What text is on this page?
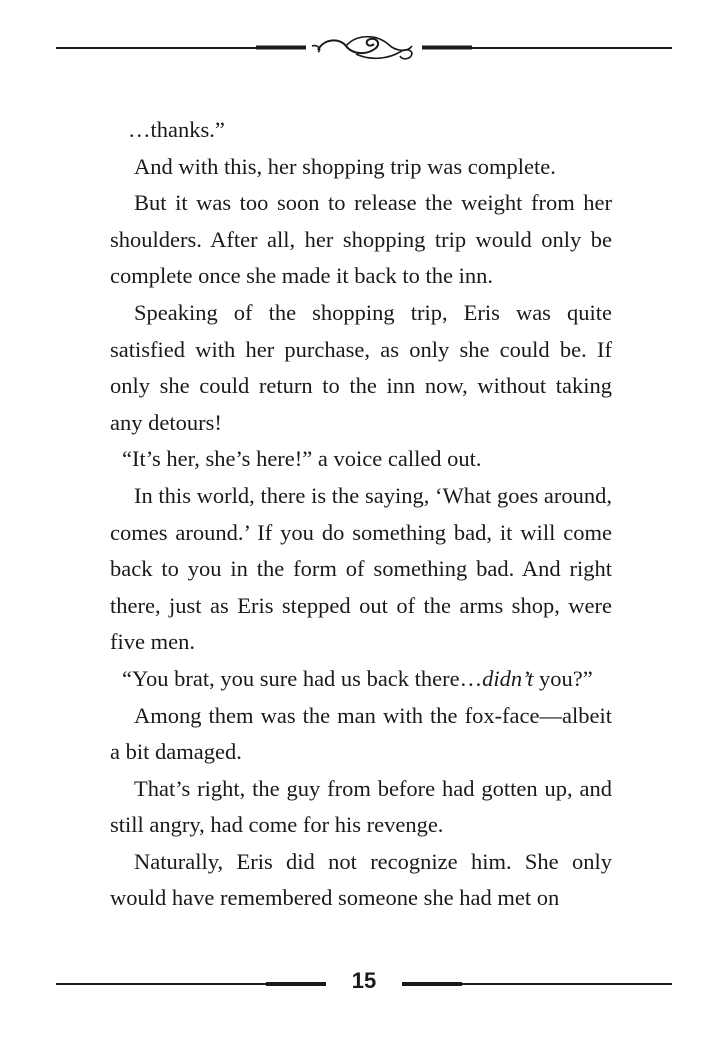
…thanks.”

And with this, her shopping trip was complete.

But it was too soon to release the weight from her shoulders. After all, her shopping trip would only be complete once she made it back to the inn.

Speaking of the shopping trip, Eris was quite satisfied with her purchase, as only she could be. If only she could return to the inn now, without taking any detours!

“It’s her, she’s here!” a voice called out.

In this world, there is the saying, ‘What goes around, comes around.’ If you do something bad, it will come back to you in the form of something bad. And right there, just as Eris stepped out of the arms shop, were five men.

“You brat, you sure had us back there…didn’t you?”

Among them was the man with the fox-face—albeit a bit damaged.

That’s right, the guy from before had gotten up, and still angry, had come for his revenge.

Naturally, Eris did not recognize him. She only would have remembered someone she had met on

15
